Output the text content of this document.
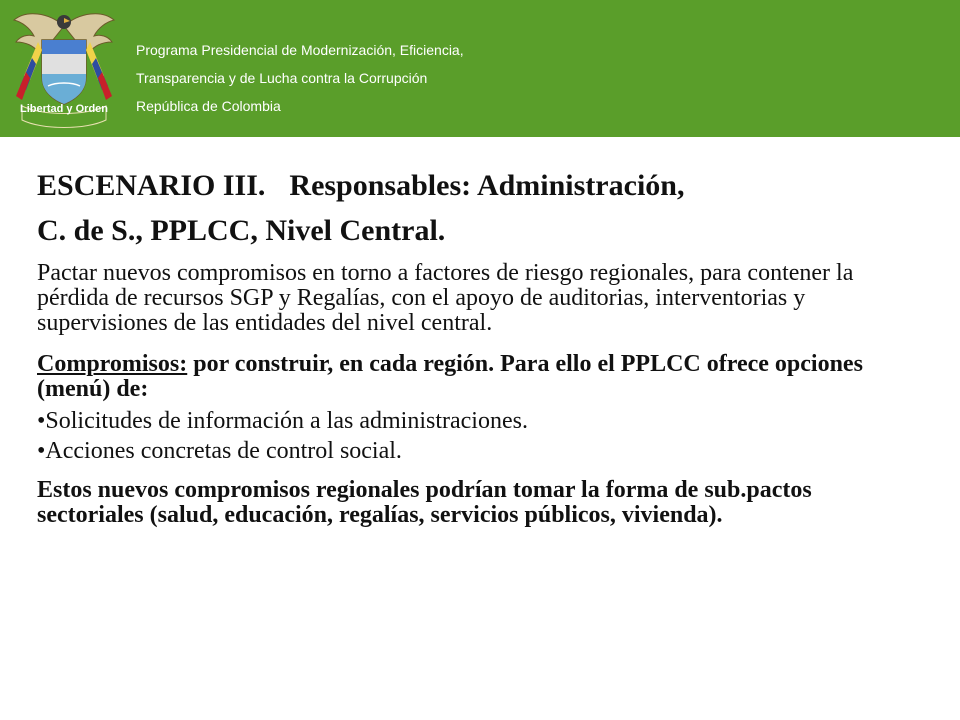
Libertad y Orden
Programa Presidencial de Modernización, Eficiencia,
Transparencia y de Lucha contra la Corrupción
República de Colombia
ESCENARIO III. Responsables: Administración,
C. de S., PPLCC, Nivel Central.

Pactar nuevos compromisos en torno a factores de riesgo regionales, para contener la pérdida de recursos SGP y Regalías, con el apoyo de auditorias, interventorias y supervisiones de las entidades del nivel central.

Compromisos: por construir, en cada región. Para ello el PPLCC ofrece opciones (menú) de:

•Solicitudes de información a las administraciones.

•Acciones concretas de control social.

Estos nuevos compromisos regionales podrían tomar la forma de sub.pactos sectoriales (salud, educación, regalías, servicios públicos, vivienda).
